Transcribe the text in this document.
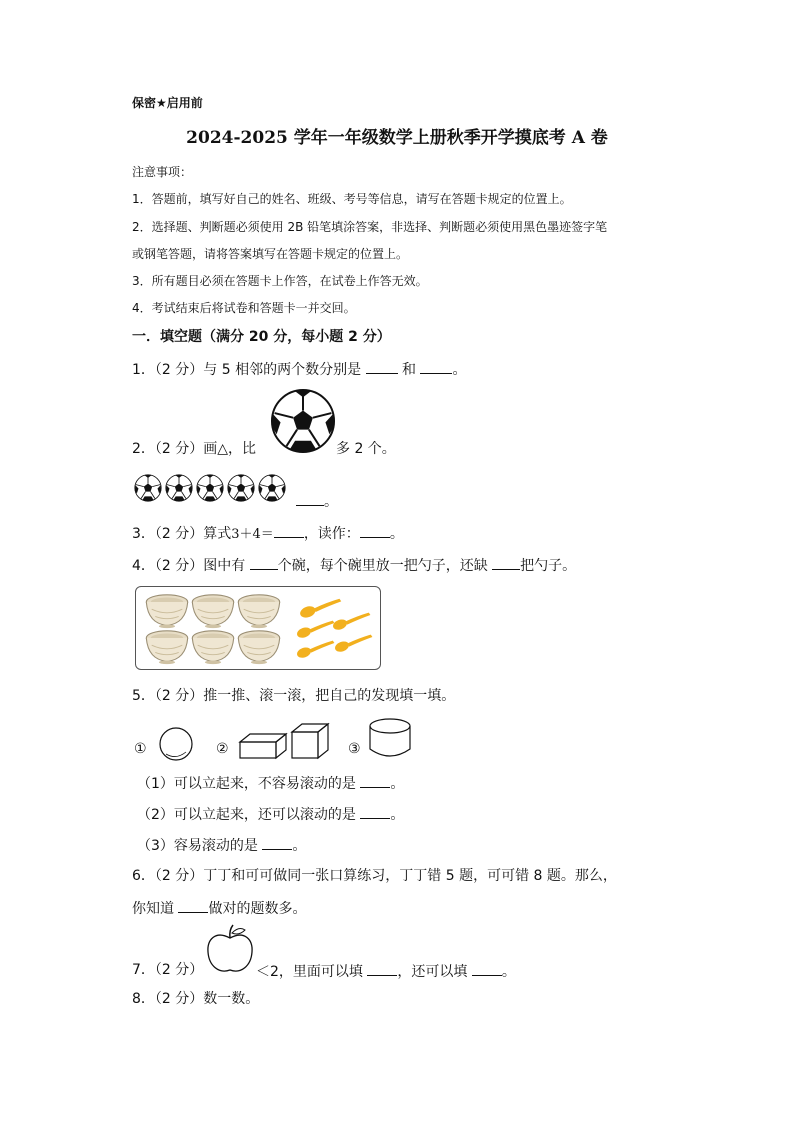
保密★启用前
2024-2025 学年一年级数学上册秋季开学摸底考 A 卷
注意事项：
1．答题前，填写好自己的姓名、班级、考号等信息，请写在答题卡规定的位置上。
2．选择题、判断题必须使用 2B 铅笔填涂答案，非选择、判断题必须使用黑色墨迹签字笔
或钢笔答题，请将答案填写在答题卡规定的位置上。
3．所有题目必须在答题卡上作答，在试卷上作答无效。
4．考试结束后将试卷和答题卡一并交回。
一．填空题（满分 20 分，每小题 2 分）
1．（2 分）与 5 相邻的两个数分别是	和	。
2．（2 分）画△，比	多 2 个。
。
3．（2 分）算式3＋4＝ ，读作： 。
4．（2 分）图中有 个碗，每个碗里放一把勺子，还缺 把勺子。
5．（2 分）推一推、滚一滚，把自己的发现填一填。
①	②	③
（1）可以立起来，不容易滚动的是 。
（2）可以立起来，还可以滚动的是 。
（3）容易滚动的是 。
6．（2 分）丁丁和可可做同一张口算练习，丁丁错 5 题，可可错 8 题。那么，
你知道 做对的题数多。
7．（2 分）	＜2，里面可以填 ，还可以填 。
8．（2 分）数一数。
